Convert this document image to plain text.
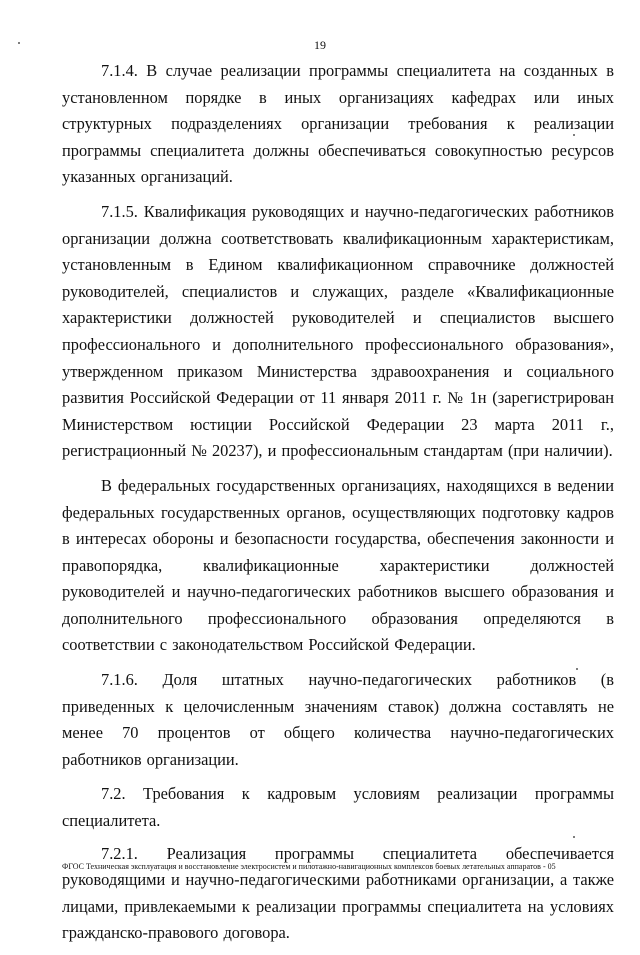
19

7.1.4. В случае реализации программы специалитета на созданных в установленном порядке в иных организациях кафедрах или иных структурных подразделениях организации требования к реализации программы специалитета должны обеспечиваться совокупностью ресурсов указанных организаций.

7.1.5. Квалификация руководящих и научно-педагогических работников организации должна соответствовать квалификационным характеристикам, установленным в Едином квалификационном справочнике должностей руководителей, специалистов и служащих, разделе «Квалификационные характеристики должностей руководителей и специалистов высшего профессионального и дополнительного профессионального образования», утвержденном приказом Министерства здравоохранения и социального развития Российской Федерации от 11 января 2011 г. № 1н (зарегистрирован Министерством юстиции Российской Федерации 23 марта 2011 г., регистрационный № 20237), и профессиональным стандартам (при наличии).

В федеральных государственных организациях, находящихся в ведении федеральных государственных органов, осуществляющих подготовку кадров в интересах обороны и безопасности государства, обеспечения законности и правопорядка, квалификационные характеристики должностей руководителей и научно-педагогических работников высшего образования и дополнительного профессионального образования определяются в соответствии с законодательством Российской Федерации.

7.1.6. Доля штатных научно-педагогических работников (в приведенных к целочисленным значениям ставок) должна составлять не менее 70 процентов от общего количества научно-педагогических работников организации.

7.2. Требования к кадровым условиям реализации программы специалитета.

7.2.1. Реализация программы специалитета обеспечивается руководящими и научно-педагогическими работниками организации, а также лицами, привлекаемыми к реализации программы специалитета на условиях гражданско-правового договора.

ФГОС Техническая эксплуатация и восстановление электросистем и пилотажно-навигационных комплексов боевых летательных аппаратов - 05
